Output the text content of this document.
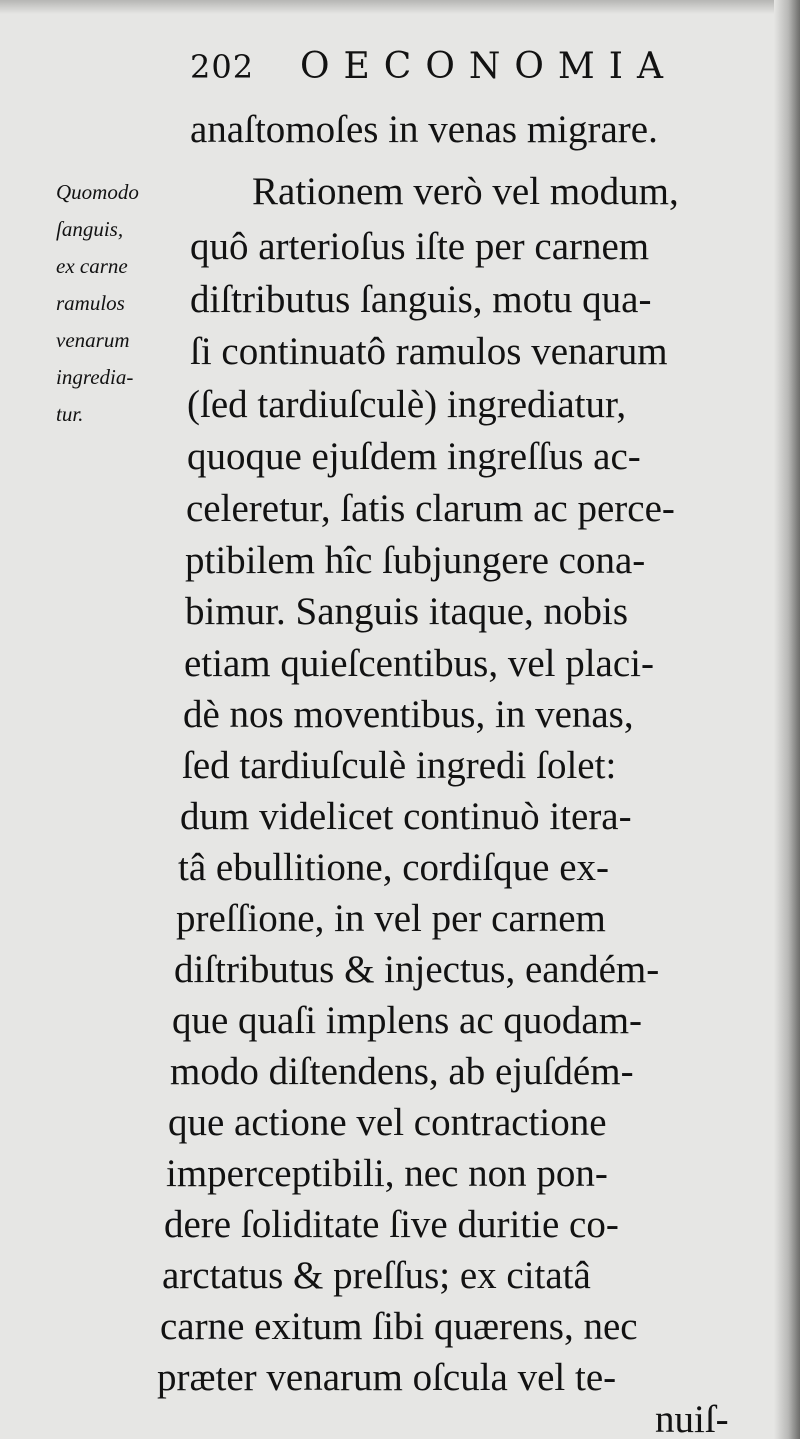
202 OECONOMIA
Quomodo
ſanguis,
ex carne
ramulos
venarum
ingredia-
tur.
anaſtomoſes in venas migrare.
Rationem verò vel modum,
quô arterioſus iſte per carnem
diſtributus ſanguis, motu qua-
ſi continuatô ramulos venarum
(ſed tardiuſculè) ingrediatur,
quoque ejuſdem ingreſſus ac-
celeretur, ſatis clarum ac perce-
ptibilem hîc ſubjungere cona-
bimur. Sanguis itaque, nobis
etiam quieſcentibus, vel placi-
dè nos moventibus, in venas,
ſed tardiuſculè ingredi ſolet:
dum videlicet continuò itera-
tâ ebullitione, cordiſque ex-
preſſione, in vel per carnem
diſtributus & injectus, eandém-
que quaſi implens ac quodam-
modo diſtendens, ab ejuſdém-
que actione vel contractione
imperceptibili, nec non pon-
dere ſoliditate ſive duritie co-
arctatus & preſſus; ex citatâ
carne exitum ſibi quærens, nec
præter venarum oſcula vel te-
nuiſ-
